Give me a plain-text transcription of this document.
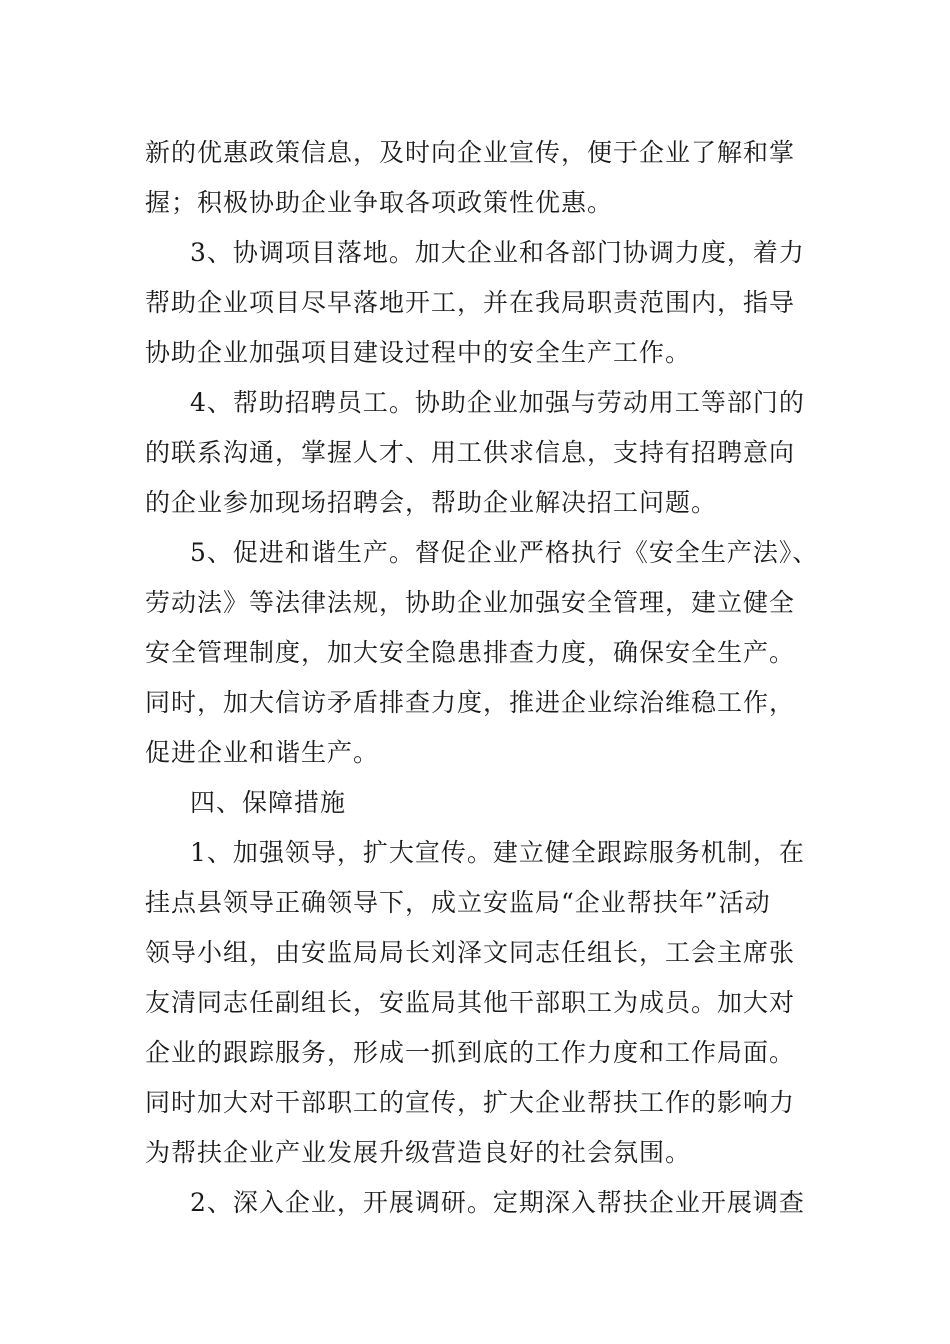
新的优惠政策信息，及时向企业宣传，便于企业了解和掌
握；积极协助企业争取各项政策性优惠。
3、协调项目落地。加大企业和各部门协调力度，着力
帮助企业项目尽早落地开工，并在我局职责范围内，指导
协助企业加强项目建设过程中的安全生产工作。
4、帮助招聘员工。协助企业加强与劳动用工等部门的
的联系沟通，掌握人才、用工供求信息，支持有招聘意向
的企业参加现场招聘会，帮助企业解决招工问题。
5、促进和谐生产。督促企业严格执行《安全生产法》、
劳动法》等法律法规，协助企业加强安全管理，建立健全
安全管理制度，加大安全隐患排查力度，确保安全生产。
同时，加大信访矛盾排查力度，推进企业综治维稳工作，
促进企业和谐生产。
四、保障措施
1、加强领导，扩大宣传。建立健全跟踪服务机制，在
挂点县领导正确领导下，成立安监局“企业帮扶年”活动
领导小组，由安监局局长刘泽文同志任组长，工会主席张
友清同志任副组长，安监局其他干部职工为成员。加大对
企业的跟踪服务，形成一抓到底的工作力度和工作局面。
同时加大对干部职工的宣传，扩大企业帮扶工作的影响力
为帮扶企业产业发展升级营造良好的社会氛围。
2、深入企业，开展调研。定期深入帮扶企业开展调查
